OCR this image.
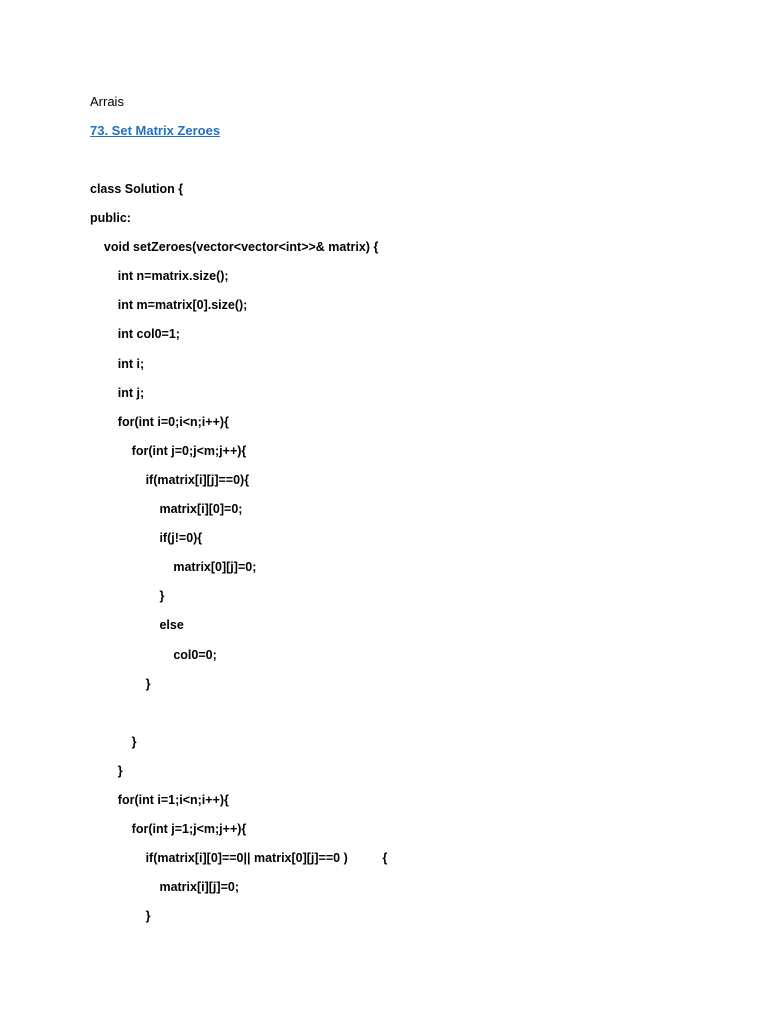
Arrais
73. Set Matrix Zeroes
class Solution {
public:
void setZeroes(vector<vector<int>>& matrix) {
int n=matrix.size();
int m=matrix[0].size();
int col0=1;
int i;
int j;
for(int i=0;i<n;i++){
for(int j=0;j<m;j++){
if(matrix[i][j]==0){
matrix[i][0]=0;
if(j!=0){
matrix[0][j]=0;
}
else
col0=0;
}
}
}
for(int i=1;i<n;i++){
for(int j=1;j<m;j++){
if(matrix[i][0]==0|| matrix[0][j]==0 )          {
matrix[i][j]=0;
}
